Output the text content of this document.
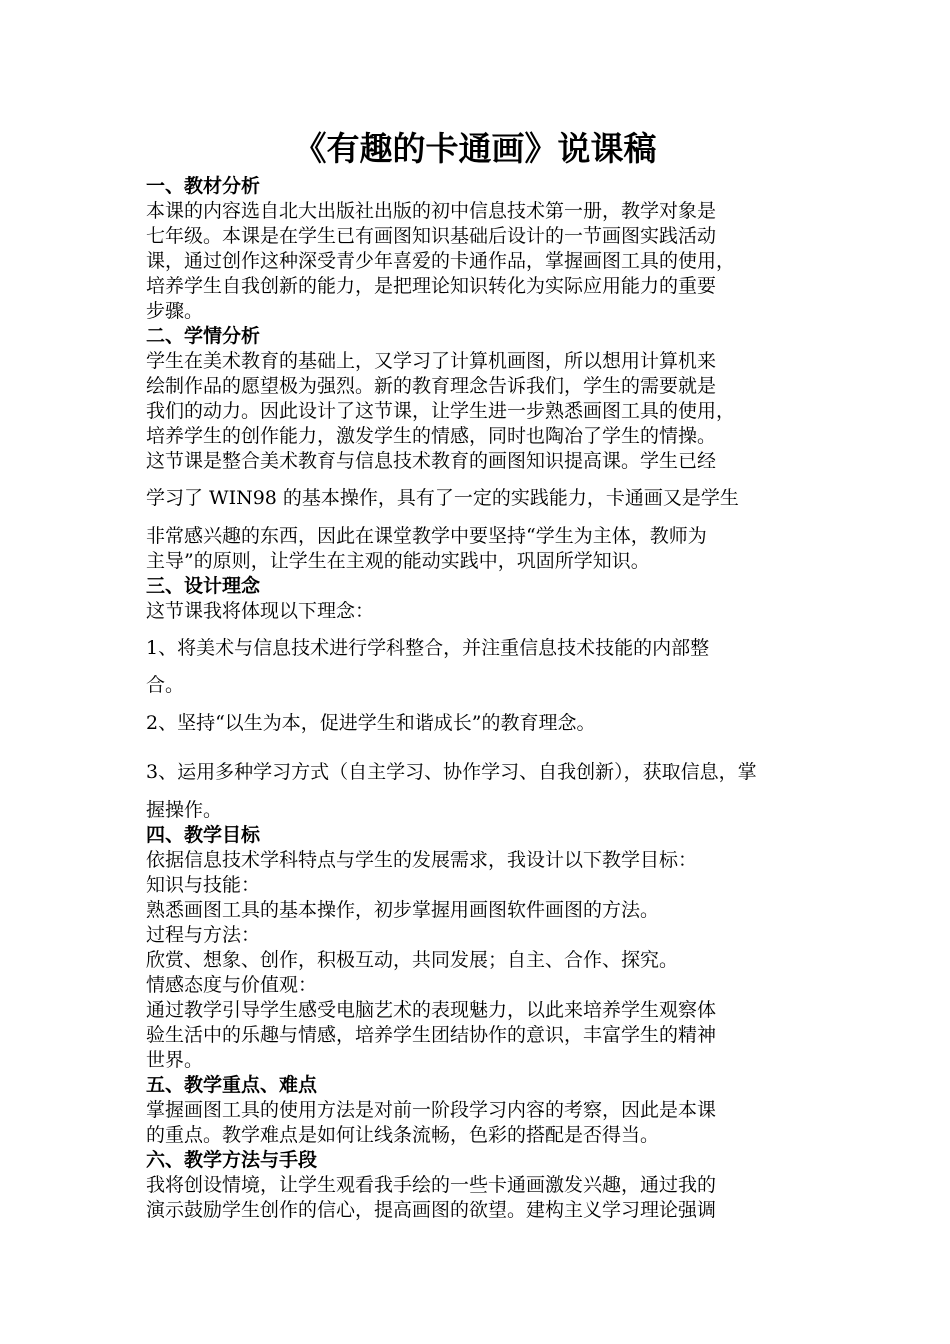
《有趣的卡通画》说课稿
一、教材分析
本课的内容选自北大出版社出版的初中信息技术第一册，教学对象是
七年级。本课是在学生已有画图知识基础后设计的一节画图实践活动
课，通过创作这种深受青少年喜爱的卡通作品，掌握画图工具的使用，
培养学生自我创新的能力，是把理论知识转化为实际应用能力的重要
步骤。
二、学情分析
学生在美术教育的基础上，又学习了计算机画图，所以想用计算机来
绘制作品的愿望极为强烈。新的教育理念告诉我们，学生的需要就是
我们的动力。因此设计了这节课，让学生进一步熟悉画图工具的使用，
培养学生的创作能力，激发学生的情感，同时也陶冶了学生的情操。
这节课是整合美术教育与信息技术教育的画图知识提高课。学生已经
学习了 WIN98 的基本操作，具有了一定的实践能力，卡通画又是学生
非常感兴趣的东西，因此在课堂教学中要坚持“学生为主体，教师为
主导”的原则，让学生在主观的能动实践中，巩固所学知识。
三、设计理念
这节课我将体现以下理念：
1、将美术与信息技术进行学科整合，并注重信息技术技能的内部整
合。
2、坚持“以生为本，促进学生和谐成长”的教育理念。
3、运用多种学习方式（自主学习、协作学习、自我创新），获取信息，掌
握操作。
四、教学目标
依据信息技术学科特点与学生的发展需求，我设计以下教学目标：
知识与技能：
熟悉画图工具的基本操作，初步掌握用画图软件画图的方法。
过程与方法：
欣赏、想象、创作，积极互动，共同发展；自主、合作、探究。
情感态度与价值观：
通过教学引导学生感受电脑艺术的表现魅力，以此来培养学生观察体
验生活中的乐趣与情感，培养学生团结协作的意识，丰富学生的精神
世界。
五、教学重点、难点
掌握画图工具的使用方法是对前一阶段学习内容的考察，因此是本课
的重点。教学难点是如何让线条流畅，色彩的搭配是否得当。
六、教学方法与手段
我将创设情境，让学生观看我手绘的一些卡通画激发兴趣，通过我的
演示鼓励学生创作的信心，提高画图的欲望。建构主义学习理论强调
